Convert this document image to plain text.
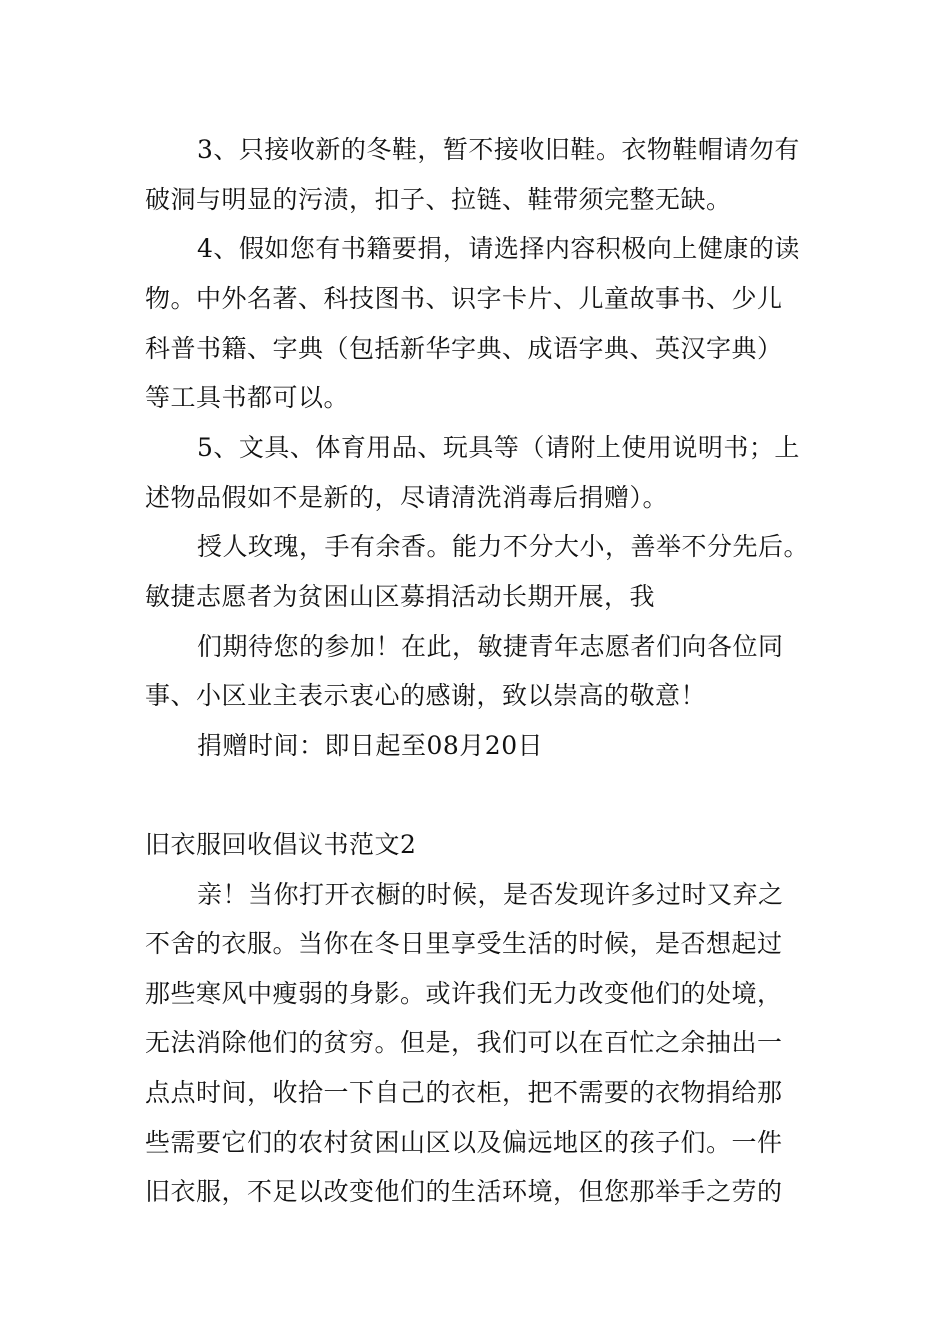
3、只接收新的冬鞋，暂不接收旧鞋。衣物鞋帽请勿有
破洞与明显的污渍，扣子、拉链、鞋带须完整无缺。
4、假如您有书籍要捐，请选择内容积极向上健康的读
物。中外名著、科技图书、识字卡片、儿童故事书、少儿
科普书籍、字典（包括新华字典、成语字典、英汉字典）
等工具书都可以。
5、文具、体育用品、玩具等（请附上使用说明书；上
述物品假如不是新的，尽请清洗消毒后捐赠）。
授人玫瑰，手有余香。能力不分大小，善举不分先后。
敏捷志愿者为贫困山区募捐活动长期开展，我
们期待您的参加！在此，敏捷青年志愿者们向各位同
事、小区业主表示衷心的感谢，致以崇高的敬意！
捐赠时间：即日起至08月20日
旧衣服回收倡议书范文2
亲！当你打开衣橱的时候，是否发现许多过时又弃之
不舍的衣服。当你在冬日里享受生活的时候，是否想起过
那些寒风中瘦弱的身影。或许我们无力改变他们的处境，
无法消除他们的贫穷。但是，我们可以在百忙之余抽出一
点点时间，收拾一下自己的衣柜，把不需要的衣物捐给那
些需要它们的农村贫困山区以及偏远地区的孩子们。一件
旧衣服，不足以改变他们的生活环境，但您那举手之劳的
